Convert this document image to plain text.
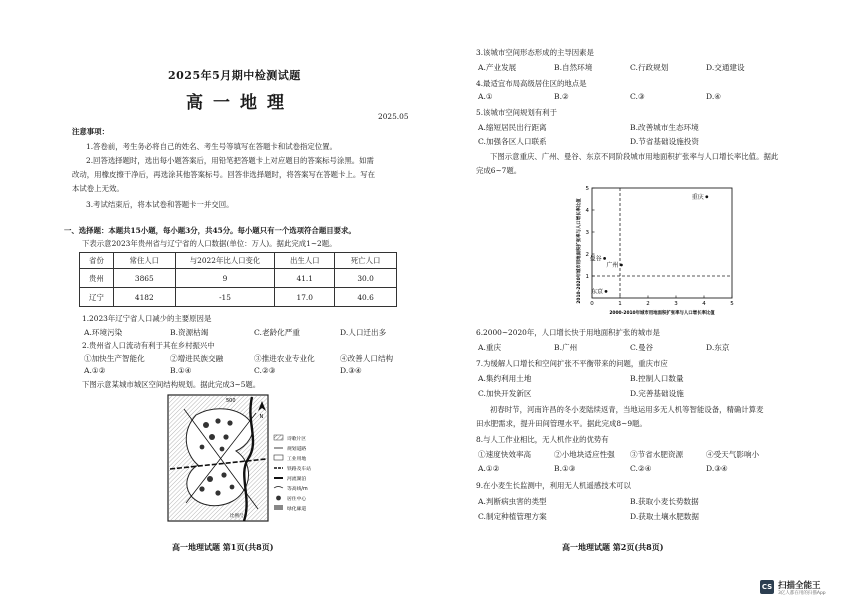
2025年5月期中检测试题
高一地理
2025.05
注意事项：
1.答卷前，考生务必将自己的姓名、考生号等填写在答题卡和试卷指定位置。
2.回答选择题时，选出每小题答案后，用铅笔把答题卡上对应题目的答案标号涂黑。如需
改动，用橡皮擦干净后，再选涂其他答案标号。回答非选择题时，将答案写在答题卡上。写在
本试卷上无效。
3.考试结束后，将本试卷和答题卡一并交回。
一、选择题：本题共15小题，每小题3分，共45分。每小题只有一个选项符合题目要求。
下表示意2023年贵州省与辽宁省的人口数据(单位：万人)。据此完成1~2题。
省份	常住人口	与2022年比人口变化	出生人口	死亡人口
贵州	3865	9	41.1	30.0
辽宁	4182	-15	17.0	40.6
1.2023年辽宁省人口减少的主要原因是
A.环境污染	B.资源枯竭	C.老龄化严重	D.人口迁出多
2.贵州省人口流动有利于其在乡村振兴中
①加快生产智能化	②增进民族交融	③推进农业专业化	④改善人口结构
A.①②	B.①④	C.②③	D.③④
下图示意某城市城区空间结构规划。据此完成3~5题。
500
N
比例尺
诗歌片区
规划道路
工业用地
铁路及车站
河流湖泊
等高线/m
居住中心
绿化廊道
高一地理试题 第1页(共8页)
3.该城市空间形态形成的主导因素是
A.产业发展	B.自然环境	C.行政规划	D.交通建设
4.最适宜布局高级居住区的地点是
A.①	B.②	C.③	D.④
5.该城市空间规划有利于
A.缩短居民出行距离	B.改善城市生态环境
C.加强各区人口联系	D.节省基础设施投资
下图示意重庆、广州、曼谷、东京不同阶段城市用地面积扩张率与人口增长率比值。据此
完成6~7题。
0	1	2	3	4	5
1
2
3
4
5
2000-2010年城市用地面积扩张率与人口增长率比值
2010-2020年城市用地面积扩张率与人口增长率比值
重庆
曼谷
广州
东京
6.2000~2020年，人口增长快于用地面积扩张的城市是
A.重庆	B.广州	C.曼谷	D.东京
7.为缓解人口增长和空间扩张不平衡带来的问题，重庆市应
A.集约利用土地	B.控制人口数量
C.加快开发新区	D.完善基础设施
初春时节，河南许昌的冬小麦陆续返青，当地运用多无人机等智能设备，精确计算麦
田水肥需求，提升田间管理水平。据此完成8~9题。
8.与人工作业相比，无人机作业的优势有
①速度快效率高	②小地块适应性强 ③节省水肥资源	④受天气影响小
A.①②	B.①③	C.②④	D.③④
9.在小麦生长监测中，利用无人机遥感技术可以
A.判断病虫害的类型	B.获取小麦长势数据
C.制定种植管理方案	D.获取土壤水肥数据
高一地理试题 第2页(共8页)
CS 扫描全能王
3亿人都在用的扫描App
